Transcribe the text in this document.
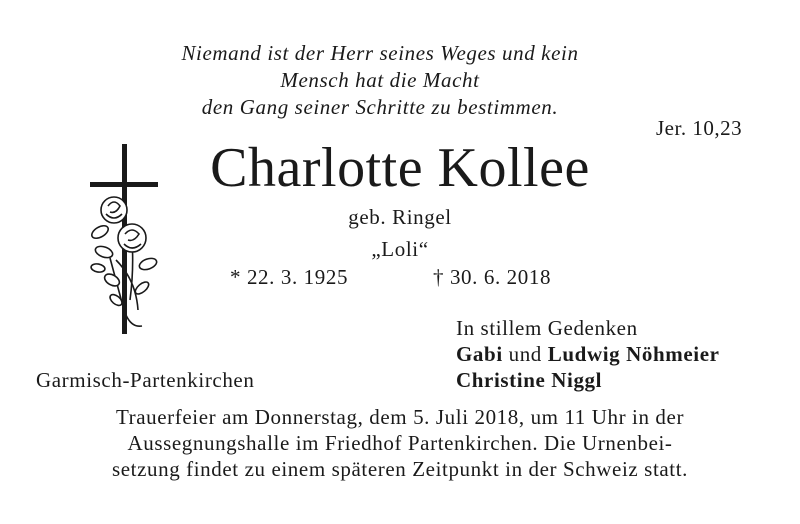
Niemand ist der Herr seines Weges und kein
Mensch hat die Macht
den Gang seiner Schritte zu bestimmen.
Jer. 10,23
Charlotte Kollee
geb. Ringel
„Loli“
* 22. 3. 1925	† 30. 6. 2018
In stillem Gedenken
Gabi und Ludwig Nöhmeier
Christine Niggl
Garmisch-Partenkirchen
Trauerfeier am Donnerstag, dem 5. Juli 2018, um 11 Uhr in der
Aussegnungshalle im Friedhof Partenkirchen. Die Urnenbei-
setzung findet zu einem späteren Zeitpunkt in der Schweiz statt.
